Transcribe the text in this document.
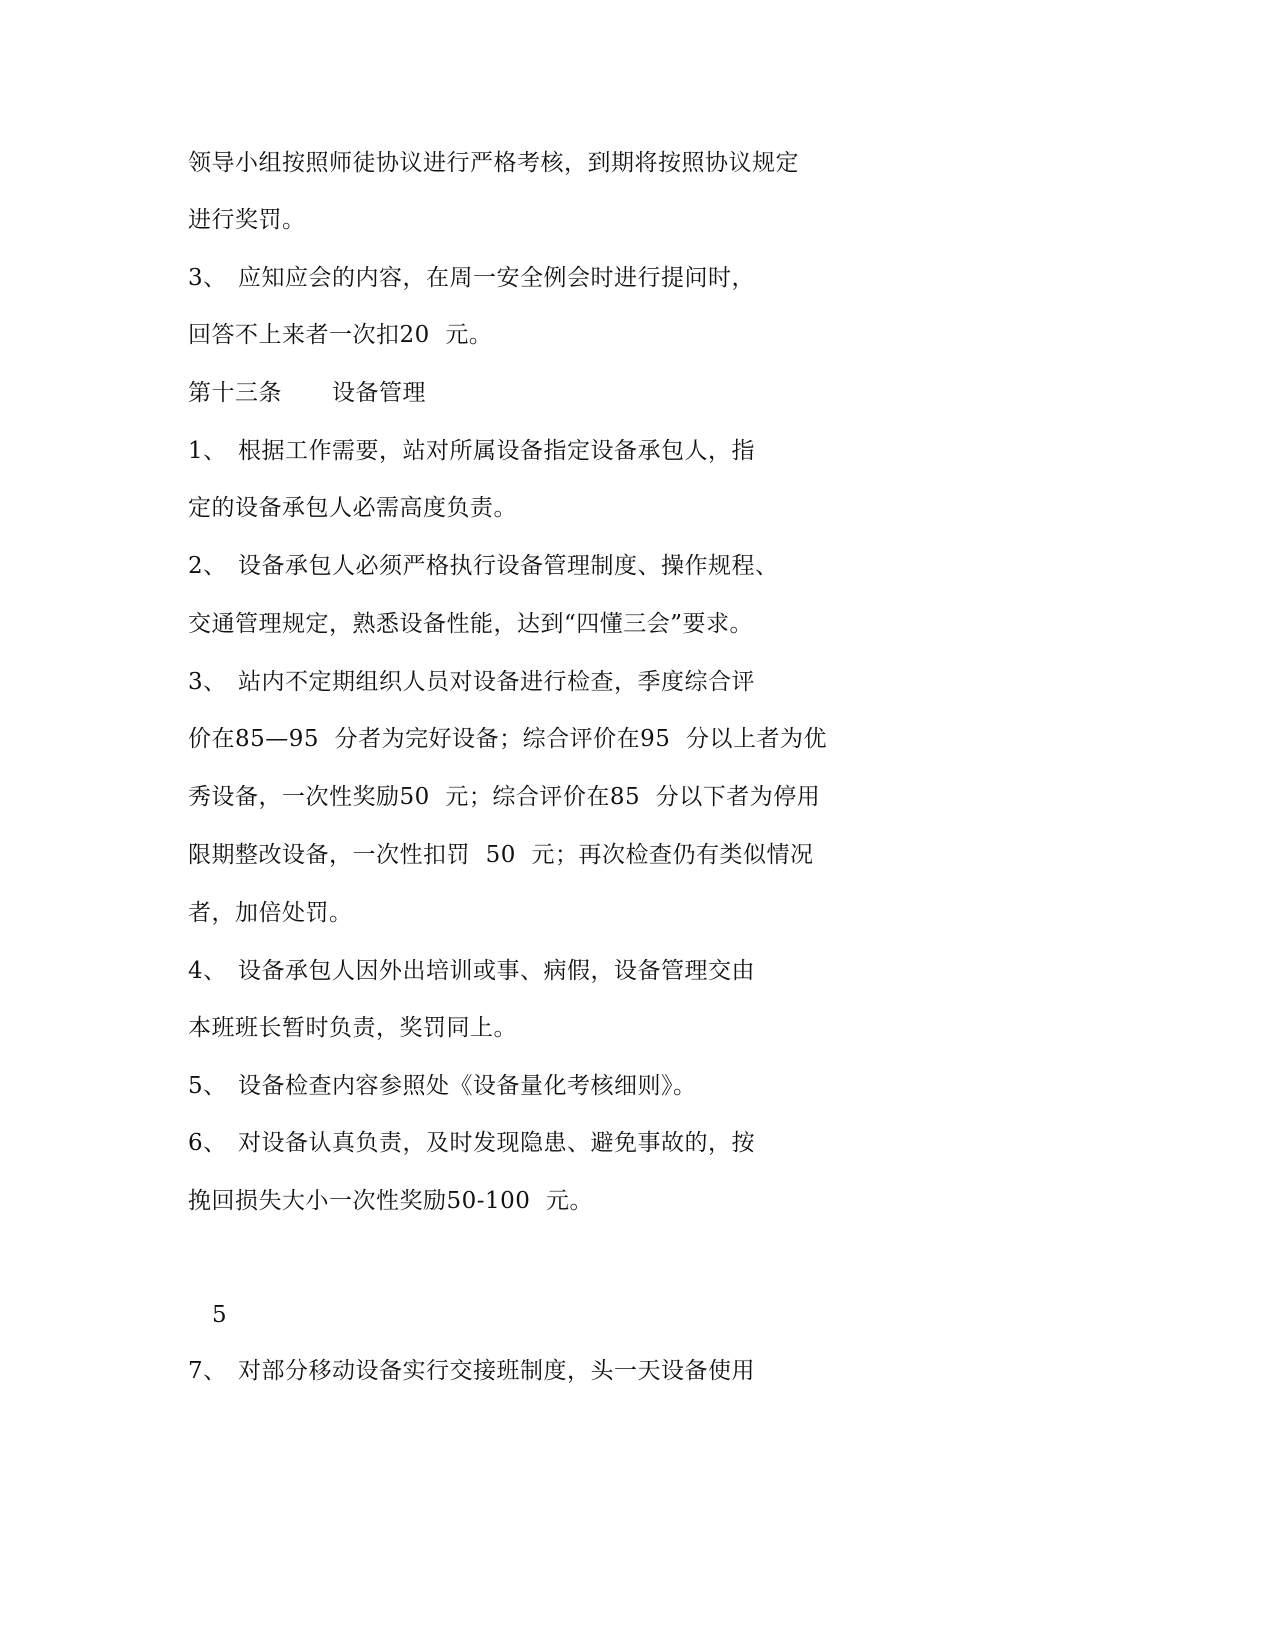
领导小组按照师徒协议进行严格考核，到期将按照协议规定
进行奖罚。
3、 应知应会的内容，在周一安全例会时进行提问时，
回答不上来者一次扣20  元。
第十三条 设备管理
1、 根据工作需要，站对所属设备指定设备承包人，指
定的设备承包人必需高度负责。
2、 设备承包人必须严格执行设备管理制度、操作规程、
交通管理规定，熟悉设备性能，达到“四懂三会”要求。
3、 站内不定期组织人员对设备进行检查，季度综合评
价在85—95  分者为完好设备；综合评价在95  分以上者为优
秀设备，一次性奖励50  元；综合评价在85  分以下者为停用
限期整改设备，一次性扣罚  50  元；再次检查仍有类似情况
者，加倍处罚。
4、 设备承包人因外出培训或事、病假，设备管理交由
本班班长暂时负责，奖罚同上。
5、 设备检查内容参照处《设备量化考核细则》。
6、 对设备认真负责，及时发现隐患、避免事故的，按
挽回损失大小一次性奖励50-100  元。
5
7、 对部分移动设备实行交接班制度，头一天设备使用
